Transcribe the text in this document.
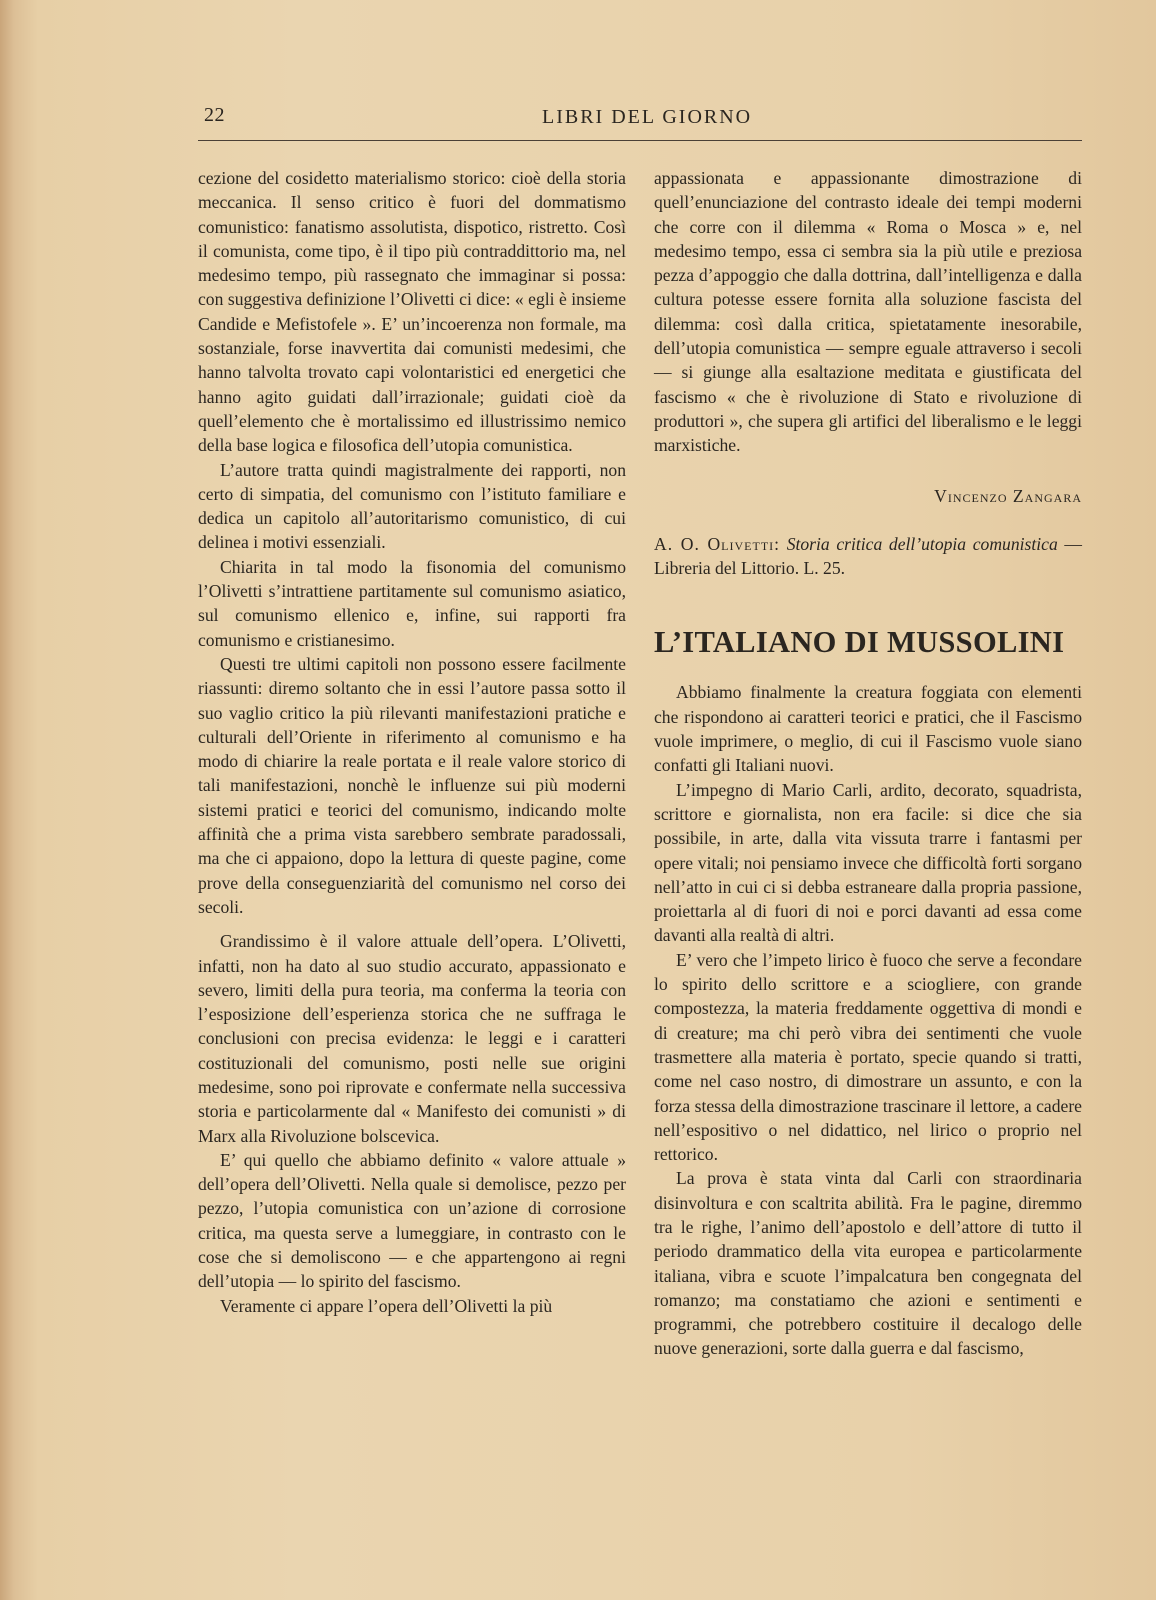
22	LIBRI DEL GIORNO

cezione del cosidetto materialismo storico: cioè della storia meccanica. Il senso critico è fuori del dommatismo comunistico: fanatismo assolutista, dispotico, ristretto. Così il comunista, come tipo, è il tipo più contraddittorio ma, nel medesimo tempo, più rassegnato che immaginar si possa: con suggestiva definizione l’Olivetti ci dice: « egli è insieme Candide e Mefistofele ». E’ un’incoerenza non formale, ma sostanziale, forse inavvertita dai comunisti medesimi, che hanno talvolta trovato capi volontaristici ed energetici che hanno agito guidati dall’irrazionale; guidati cioè da quell’elemento che è mortalissimo ed illustrissimo nemico della base logica e filosofica dell’utopia comunistica.

L’autore tratta quindi magistralmente dei rapporti, non certo di simpatia, del comunismo con l’istituto familiare e dedica un capitolo all’autoritarismo comunistico, di cui delinea i motivi essenziali.

Chiarita in tal modo la fisonomia del comunismo l’Olivetti s’intrattiene partitamente sul comunismo asiatico, sul comunismo ellenico e, infine, sui rapporti fra comunismo e cristianesimo.

Questi tre ultimi capitoli non possono essere facilmente riassunti: diremo soltanto che in essi l’autore passa sotto il suo vaglio critico la più rilevanti manifestazioni pratiche e culturali dell’Oriente in riferimento al comunismo e ha modo di chiarire la reale portata e il reale valore storico di tali manifestazioni, nonchè le influenze sui più moderni sistemi pratici e teorici del comunismo, indicando molte affinità che a prima vista sarebbero sembrate paradossali, ma che ci appaiono, dopo la lettura di queste pagine, come prove della conseguenziarità del comunismo nel corso dei secoli.

Grandissimo è il valore attuale dell’opera. L’Olivetti, infatti, non ha dato al suo studio accurato, appassionato e severo, limiti della pura teoria, ma conferma la teoria con l’esposizione dell’esperienza storica che ne suffraga le conclusioni con precisa evidenza: le leggi e i caratteri costituzionali del comunismo, posti nelle sue origini medesime, sono poi riprovate e confermate nella successiva storia e particolarmente dal « Manifesto dei comunisti » di Marx alla Rivoluzione bolscevica.

E’ qui quello che abbiamo definito « valore attuale » dell’opera dell’Olivetti. Nella quale si demolisce, pezzo per pezzo, l’utopia comunistica con un’azione di corrosione critica, ma questa serve a lumeggiare, in contrasto con le cose che si demoliscono — e che appartengono ai regni dell’utopia — lo spirito del fascismo.

Veramente ci appare l’opera dell’Olivetti la più

appassionata e appassionante dimostrazione di quell’enunciazione del contrasto ideale dei tempi moderni che corre con il dilemma « Roma o Mosca » e, nel medesimo tempo, essa ci sembra sia la più utile e preziosa pezza d’appoggio che dalla dottrina, dall’intelligenza e dalla cultura potesse essere fornita alla soluzione fascista del dilemma: così dalla critica, spietatamente inesorabile, dell’utopia comunistica — sempre eguale attraverso i secoli — si giunge alla esaltazione meditata e giustificata del fascismo « che è rivoluzione di Stato e rivoluzione di produttori », che supera gli artifici del liberalismo e le leggi marxistiche.

Vincenzo Zangara

A. O. Olivetti: Storia critica dell’utopia comunistica — Libreria del Littorio. L. 25.

L’ITALIANO DI MUSSOLINI

Abbiamo finalmente la creatura foggiata con elementi che rispondono ai caratteri teorici e pratici, che il Fascismo vuole imprimere, o meglio, di cui il Fascismo vuole siano confatti gli Italiani nuovi.

L’impegno di Mario Carli, ardito, decorato, squadrista, scrittore e giornalista, non era facile: si dice che sia possibile, in arte, dalla vita vissuta trarre i fantasmi per opere vitali; noi pensiamo invece che difficoltà forti sorgano nell’atto in cui ci si debba estraneare dalla propria passione, proiettarla al di fuori di noi e porci davanti ad essa come davanti alla realtà di altri.

E’ vero che l’impeto lirico è fuoco che serve a fecondare lo spirito dello scrittore e a sciogliere, con grande compostezza, la materia freddamente oggettiva di mondi e di creature; ma chi però vibra dei sentimenti che vuole trasmettere alla materia è portato, specie quando si tratti, come nel caso nostro, di dimostrare un assunto, e con la forza stessa della dimostrazione trascinare il lettore, a cadere nell’espositivo o nel didattico, nel lirico o proprio nel rettorico.

La prova è stata vinta dal Carli con straordinaria disinvoltura e con scaltrita abilità. Fra le pagine, diremmo tra le righe, l’animo dell’apostolo e dell’attore di tutto il periodo drammatico della vita europea e particolarmente italiana, vibra e scuote l’impalcatura ben congegnata del romanzo; ma constatiamo che azioni e sentimenti e programmi, che potrebbero costituire il decalogo delle nuove generazioni, sorte dalla guerra e dal fascismo,
